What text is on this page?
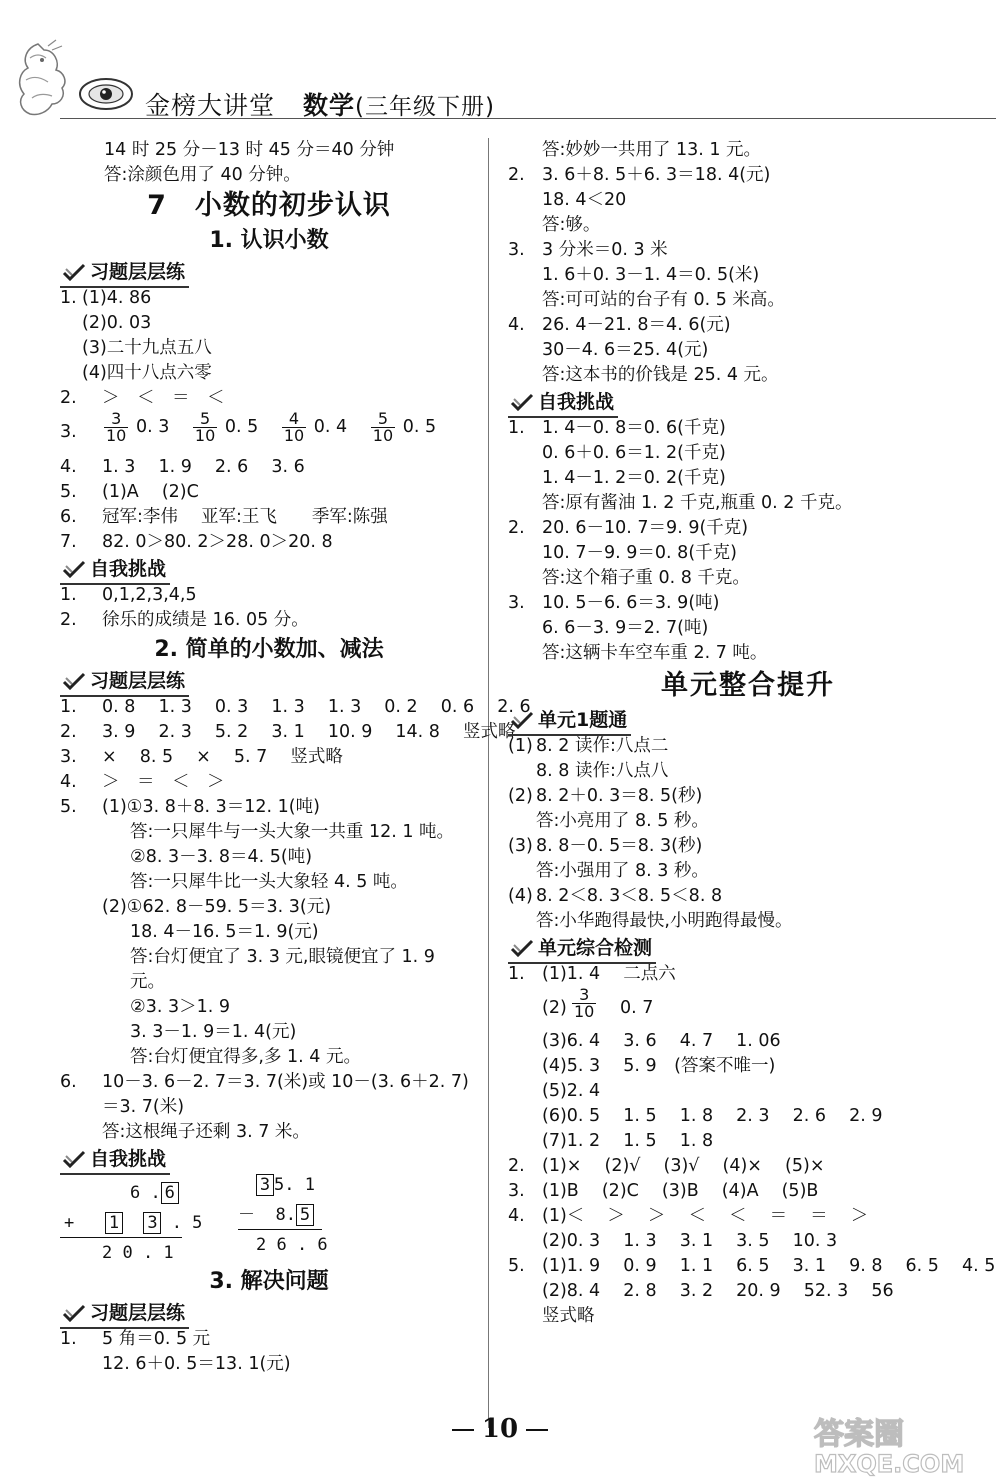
金榜大讲堂 数学(三年级下册)
14 时 25 分－13 时 45 分＝40 分钟
答:涂颜色用了 40 分钟。
7　小数的初步认识
1. 认识小数
习题层层练
1. (1)4. 86
(2)0. 03
(3)二十九点五八
(4)四十八点六零
2. ＞　＜　＝　＜

3.

$\frac{3}{10} 0$. $3 \frac{5}{10} 0$. $5 \frac{4}{10} 0$. $4 \frac{5}{10} 0$. 5

4. 1. 3　 1. 9　 2. 6　 3. 6
5. (1)A　 (2)C
6. 冠军:李伟　 亚军:王飞　　季军:陈强
7. 82. 0＞80. 2＞28. 0＞20. 8
自我挑战
1. 0,1,2,3,4,5
2. 徐乐的成绩是 16. 05 分。
2. 简单的小数加、减法
习题层层练
1. 0. 8　 1. 3　 0. 3　 1. 3　 1. 3　 0. 2　 0. 6　 2. 6
2. 3. 9　 2. 3　 5. 2　 3. 1　 10. 9　 14. 8　 竖式略
3. ×　 8. 5　 ×　 5. 7　 竖式略
4. ＞　＝　＜　＞
5. (1)①3. 8＋8. 3＝12. 1(吨)
答:一只犀牛与一头大象一共重 12. 1 吨。
②8. 3－3. 8＝4. 5(吨)
答:一只犀牛比一头大象轻 4. 5 吨。
(2)①62. 8－59. 5＝3. 3(元)
18. 4－16. 5＝1. 9(元)
答:台灯便宜了 3. 3 元,眼镜便宜了 1. 9
元。
②3. 3＞1. 9
3. 3－1. 9＝1. 4(元)
答:台灯便宜得多,多 1. 4 元。
6. 10－3. 6－2. 7＝3. 7(米)或 10－(3. 6＋2. 7)
＝3. 7(米)
答:这根绳子还剩 3. 7 米。
自我挑战
6 . 6
+ 1 3 . 5
2 0 . 1
3 5. 1
－ 8. 5
2 6 . 6
3. 解决问题
习题层层练
1. 5 角＝0. 5 元
12. 6＋0. 5＝13. 1(元)
答:妙妙一共用了 13. 1 元。
2. 3. 6＋8. 5＋6. 3＝18. 4(元)
18. 4＜20
答:够。
3. 3 分米＝0. 3 米
1. 6＋0. 3－1. 4＝0. 5(米)
答:可可站的台子有 0. 5 米高。
4. 26. 4－21. 8＝4. 6(元)
30－4. 6＝25. 4(元)
答:这本书的价钱是 25. 4 元。
自我挑战
1. 1. 4－0. 8＝0. 6(千克)
0. 6＋0. 6＝1. 2(千克)
1. 4－1. 2＝0. 2(千克)
答:原有酱油 1. 2 千克,瓶重 0. 2 千克。
2. 20. 6－10. 7＝9. 9(千克)
10. 7－9. 9＝0. 8(千克)
答:这个箱子重 0. 8 千克。
3. 10. 5－6. 6＝3. 9(吨)
6. 6－3. 9＝2. 7(吨)
答:这辆卡车空车重 2. 7 吨。
单元整合提升
单元1题通
(1) 8. 2 读作:八点二
8. 8 读作:八点八
(2) 8. 2＋0. 3＝8. 5(秒)
答:小亮用了 8. 5 秒。
(3) 8. 8－0. 5＝8. 3(秒)
答:小强用了 8. 3 秒。
(4) 8. 2＜8. 3＜8. 5＜8. 8
答:小华跑得最快,小明跑得最慢。
单元综合检测
1. (1)1. 4　 二点六

(2)

$\frac{3}{10}$

0. 7

(3)6. 4　 3. 6　 4. 7　 1. 06
(4)5. 3　 5. 9　(答案不唯一)
(5)2. 4
(6)0. 5　 1. 5　 1. 8　 2. 3　 2. 6　 2. 9
(7)1. 2　 1. 5　 1. 8
2. (1)×　 (2)√　 (3)√　 (4)×　 (5)×
3. (1)B　 (2)C　 (3)B　 (4)A　 (5)B
4. (1)＜　 ＞　 ＞　 ＜　 ＜　 ＝　 ＝　 ＞
(2)0. 3　 1. 3　 3. 1　 3. 5　 10. 3
5. (1)1. 9　 0. 9　 1. 1　 6. 5　 3. 1　 9. 8　 6. 5　 4. 5
(2)8. 4　 2. 8　 3. 2　 20. 9　 52. 3　 56
竖式略
10	答案圈
MXQE.COM
